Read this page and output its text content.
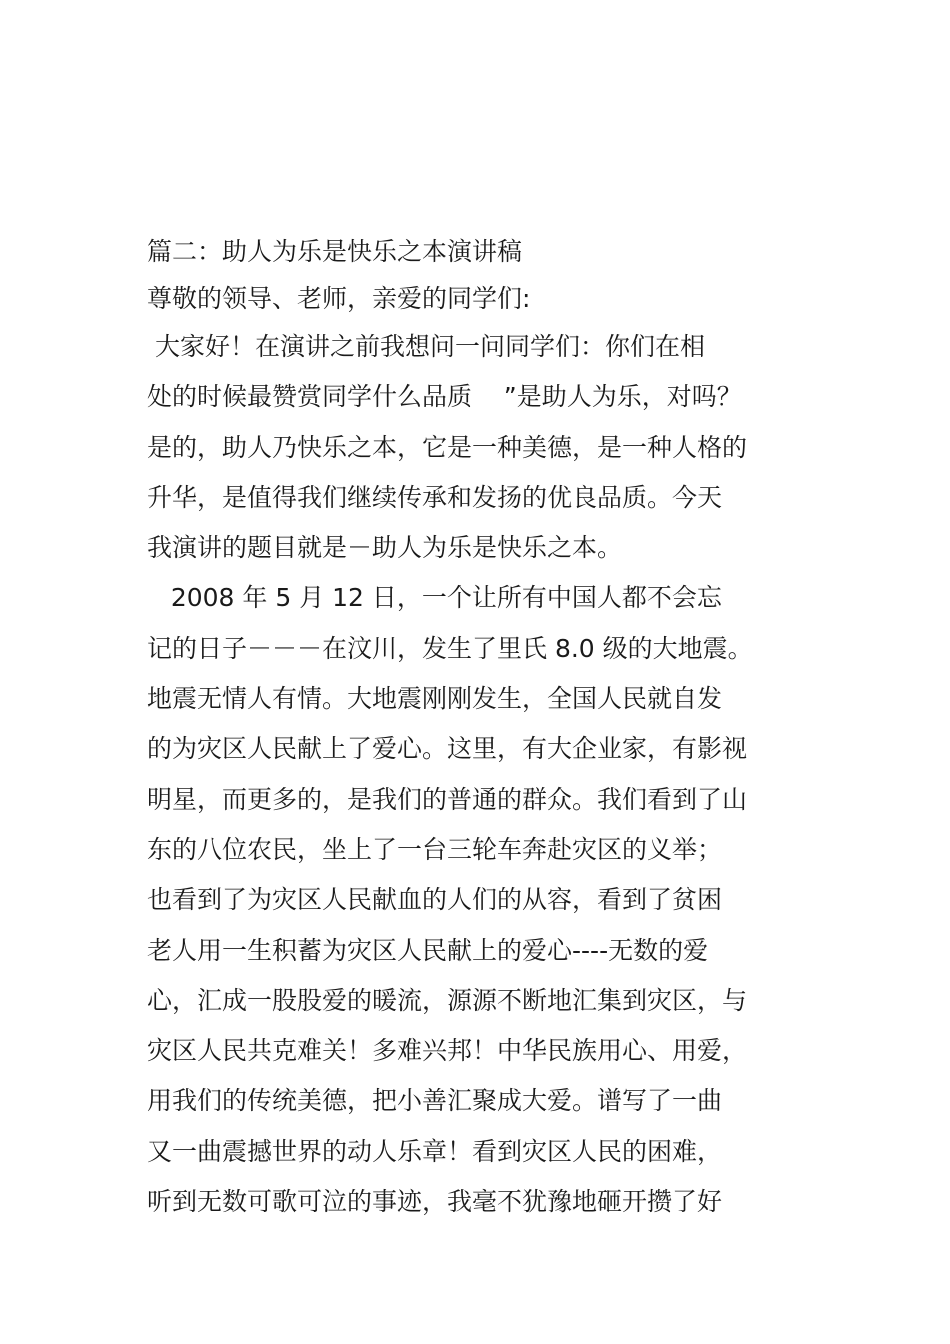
篇二：助人为乐是快乐之本演讲稿
尊敬的领导、老师，亲爱的同学们:
大家好！在演讲之前我想问一问同学们：你们在相
处的时候最赞赏同学什么品质    ”是助人为乐，对吗？
是的，助人乃快乐之本，它是一种美德，是一种人格的
升华，是值得我们继续传承和发扬的优良品质。今天
我演讲的题目就是－助人为乐是快乐之本。
2008 年 5 月 12 日，一个让所有中国人都不会忘
记的日子－－－在汶川，发生了里氏 8.0 级的大地震。
地震无情人有情。大地震刚刚发生，全国人民就自发
的为灾区人民献上了爱心。这里，有大企业家，有影视
明星，而更多的，是我们的普通的群众。我们看到了山
东的八位农民，坐上了一台三轮车奔赴灾区的义举；
也看到了为灾区人民献血的人们的从容，看到了贫困
老人用一生积蓄为灾区人民献上的爱心----无数的爱
心，汇成一股股爱的暖流，源源不断地汇集到灾区，与
灾区人民共克难关！多难兴邦！中华民族用心、用爱，
用我们的传统美德，把小善汇聚成大爱。谱写了一曲
又一曲震撼世界的动人乐章！看到灾区人民的困难，
听到无数可歌可泣的事迹，我毫不犹豫地砸开攒了好
